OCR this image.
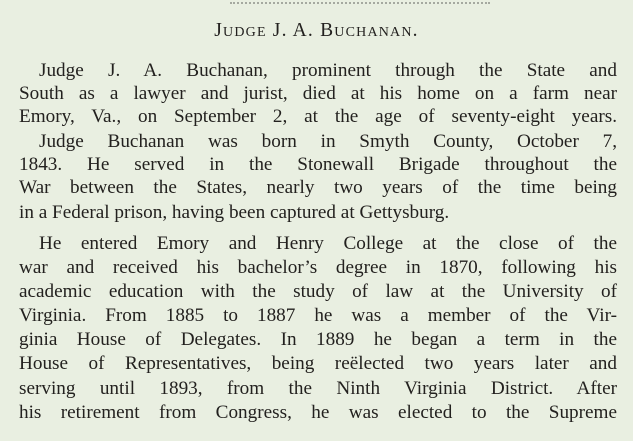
Judge J. A. Buchanan.
Judge J. A. Buchanan, prominent through the State and
South as a lawyer and jurist, died at his home on a farm near
Emory, Va., on September 2, at the age of seventy-eight years.
Judge Buchanan was born in Smyth County, October 7,
1843. He served in the Stonewall Brigade throughout the
War between the States, nearly two years of the time being
in a Federal prison, having been captured at Gettysburg.
He entered Emory and Henry College at the close of the
war and received his bachelor’s degree in 1870, following his
academic education with the study of law at the University of
Virginia. From 1885 to 1887 he was a member of the Vir-
ginia House of Delegates. In 1889 he began a term in the
House of Representatives, being reëlected two years later and
serving until 1893, from the Ninth Virginia District. After
his retirement from Congress, he was elected to the Supreme
